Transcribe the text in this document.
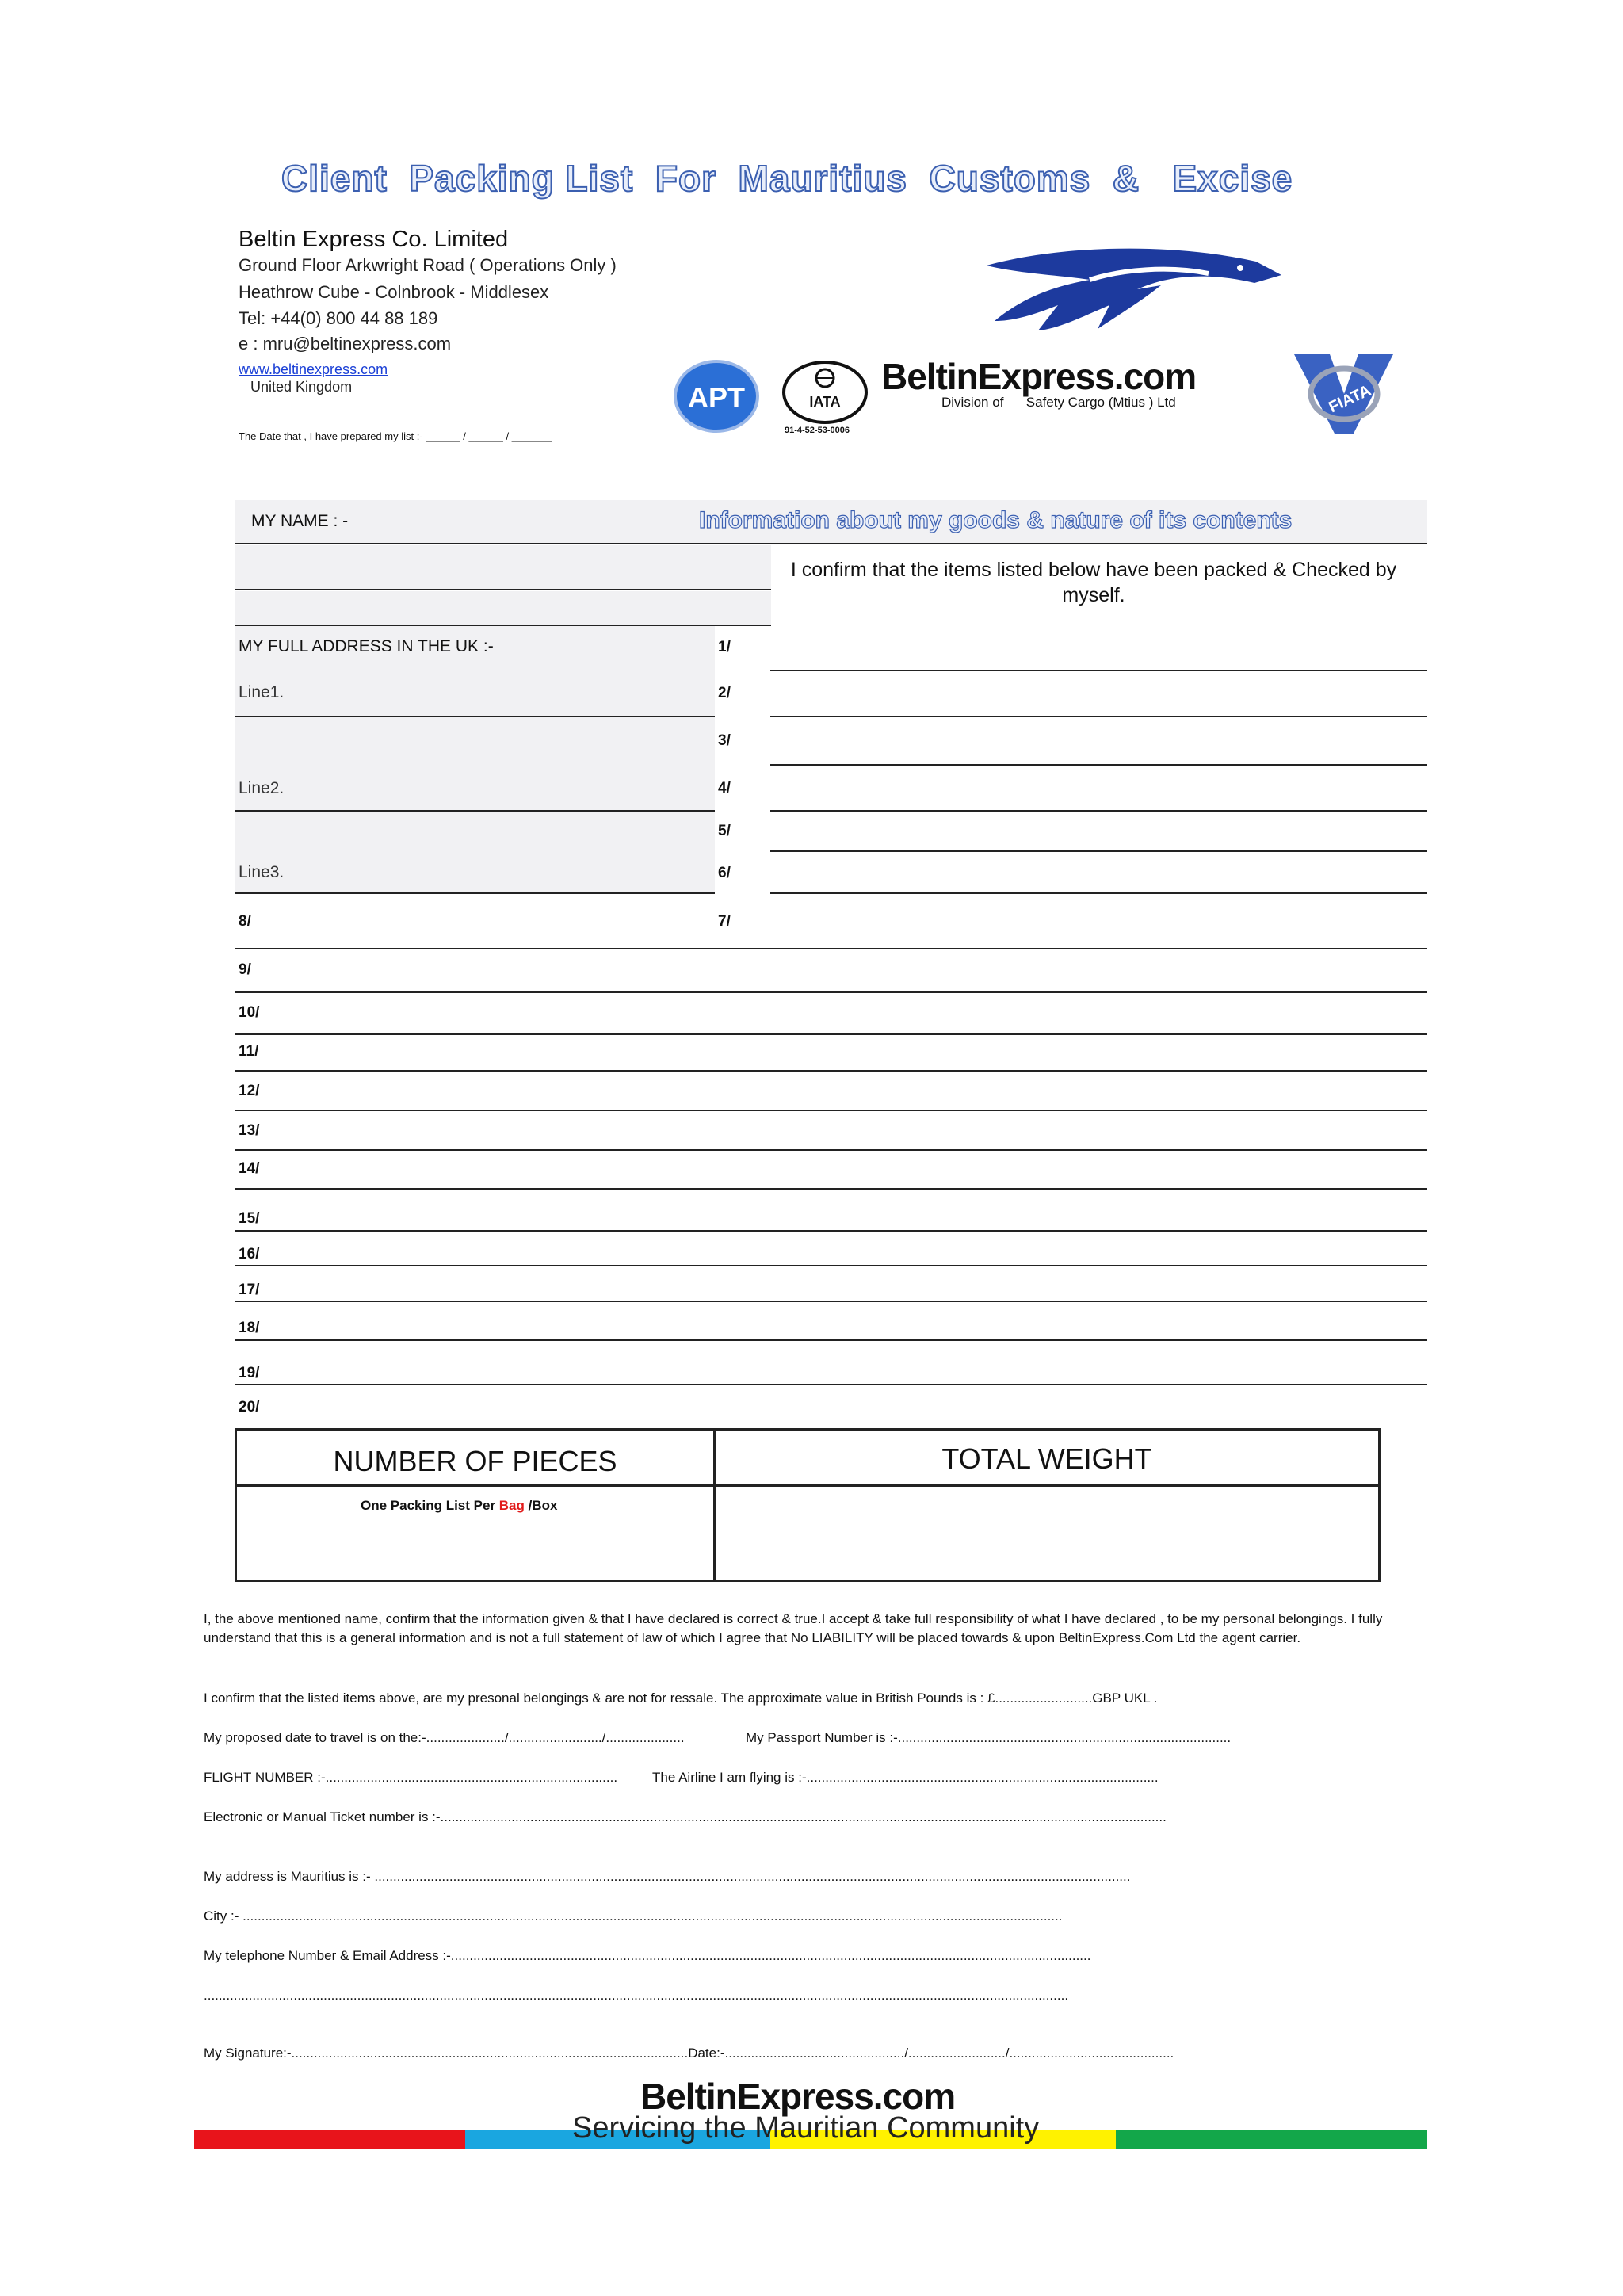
Client  Packing List  For  Mauritius  Customs  &   Excise
Beltin Express Co. Limited
Ground Floor Arkwright Road ( Operations Only )
Heathrow Cube - Colnbrook - Middlesex
Tel: +44(0) 800 44 88 189
e : mru@beltinexpress.com
www.beltinexpress.com
United Kingdom
The Date that , I have prepared my list :- ______ / ______ / _______
APT	IATA
91-4-52-53-0006
BeltinExpress.com
Division of      Safety Cargo (Mtius ) Ltd	FIATA
MY NAME : -	Information about my goods & nature of its contents
I confirm that the items listed below have been packed & Checked by myself.
MY FULL ADDRESS IN THE UK :-
Line1.
Line2.
Line3.
1/
2/
3/
4/
5/
6/
7/
8/
9/
10/
11/
12/
13/
14/
15/
16/
17/
18/
19/
20/
NUMBER OF PIECES	TOTAL WEIGHT
One Packing List Per Bag /Box
I, the above mentioned name, confirm that the information given & that I have declared is correct & true.I accept & take full responsibility of what I have declared , to be my personal belongings. I fully understand that this is a general information and is not a full statement of law of which I agree that No LIABILITY will be placed towards & upon BeltinExpress.Com Ltd the agent carrier.
I confirm that the listed items above, are my presonal belongings & are not for ressale. The approximate value in British Pounds is : £..........................GBP UKL .
My proposed date to travel is on the:-...................../........................./.....................	My Passport Number is :-.........................................................................................
FLIGHT NUMBER :-..............................................................................	The Airline I am flying is :-..............................................................................................
Electronic or Manual Ticket number is :-..................................................................................................................................................................................................
My address is Mauritius is :- ..........................................................................................................................................................................................................
City :- ...........................................................................................................................................................................................................................
My telephone Number & Email Address :-...........................................................................................................................................................................
.......................................................................................................................................................................................................................................
My Signature:-..........................................................................................................Date:-................................................/........................../............................................
BeltinExpress.com
Servicing the Mauritian Community
